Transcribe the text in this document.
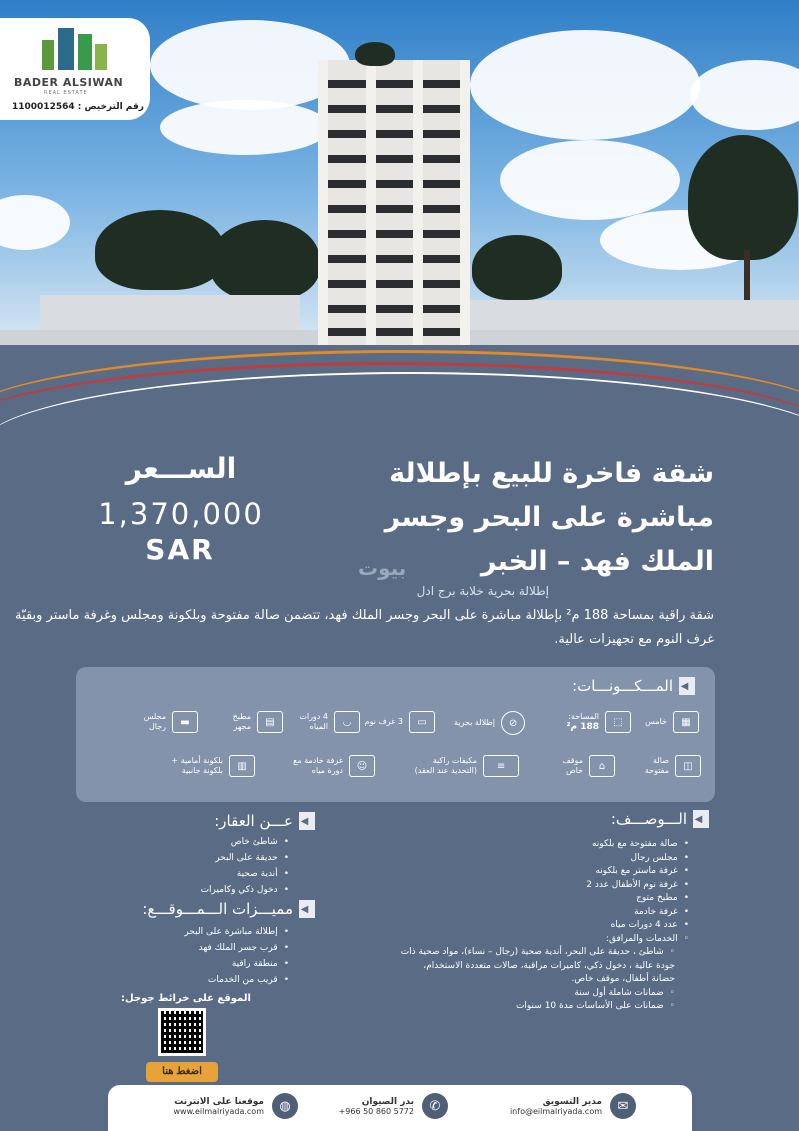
BADER ALSIWAN
REAL ESTATE
رقم الترخيص : 1100012564
شقة فاخرة للبيع بإطلالة
مباشرة على البحر وجسر
الملك فهد – الخبر
بيوت
الســـعر
1,370,000
SAR
إطلالة بحرية خلابة برج ادل
شقة راقية بمساحة 188 م² بإطلالة مباشرة على البحر وجسر الملك فهد، تتضمن صالة مفتوحة وبلكونة ومجلس وغرفة ماستر وبقيّة غرف النوم مع تجهيزات عالية.
◀
المـــكـــونـــات:
▦
خامس
⬚
المساحة:
188 م²
⊘
إطلالة بحرية
▭
3 غرف نوم
◡
4 دورات
المياه
▤
مطبخ
مجهز
▬
مجلس
رجال
◫
صالة
مفتوحة
⌂
موقف
خاص
≡
مكيفات راكبة
(التحديد عند العقد)
☺
غرفة خادمة مع
دورة مياه
▥
بلكونة أمامية +
بلكونة جانبية
◀
الـــوصـــف:
• صالة مفتوحة مع بلكونه
• مجلس رجال
• غرفة ماستر مع بلكونه
• غرفة نوم الأطفال عدد 2
• مطبخ متوج
• غرفة خادمة
• عدد 4 دورات مياه
◦ الخدمات والمرافق:
◦ شاطئ ، حديقة على البحر، أندية صحية (رجال – نساء)، مواد صحية ذات
جودة عالية ، دخول ذكي، كاميرات مراقبة، صالات متعددة الاستخدام،
حضانة أطفال، موقف خاص.
◦ ضمانات شاملة أول سنة
◦ ضمانات على الأساسات مدة 10 سنوات
◀
عـــن العقار:
• شاطئ خاص
• حديقة على البحر
• أندية صحية
• دخول ذكي وكاميرات
◀
مميـــزات الـــمـــوقـــع:
• إطلالة مباشرة على البحر
• قرب جسر الملك فهد
• منطقة راقية
• قريب من الخدمات
الموقع على خرائط جوجل:
اضغط هنا
✉
مدير التسويق
info@eilmalriyada.com
✆
بدر الصيوان
+966 50 860 5772
◍
موقعنا على الانترنت
www.eilmalriyada.com
